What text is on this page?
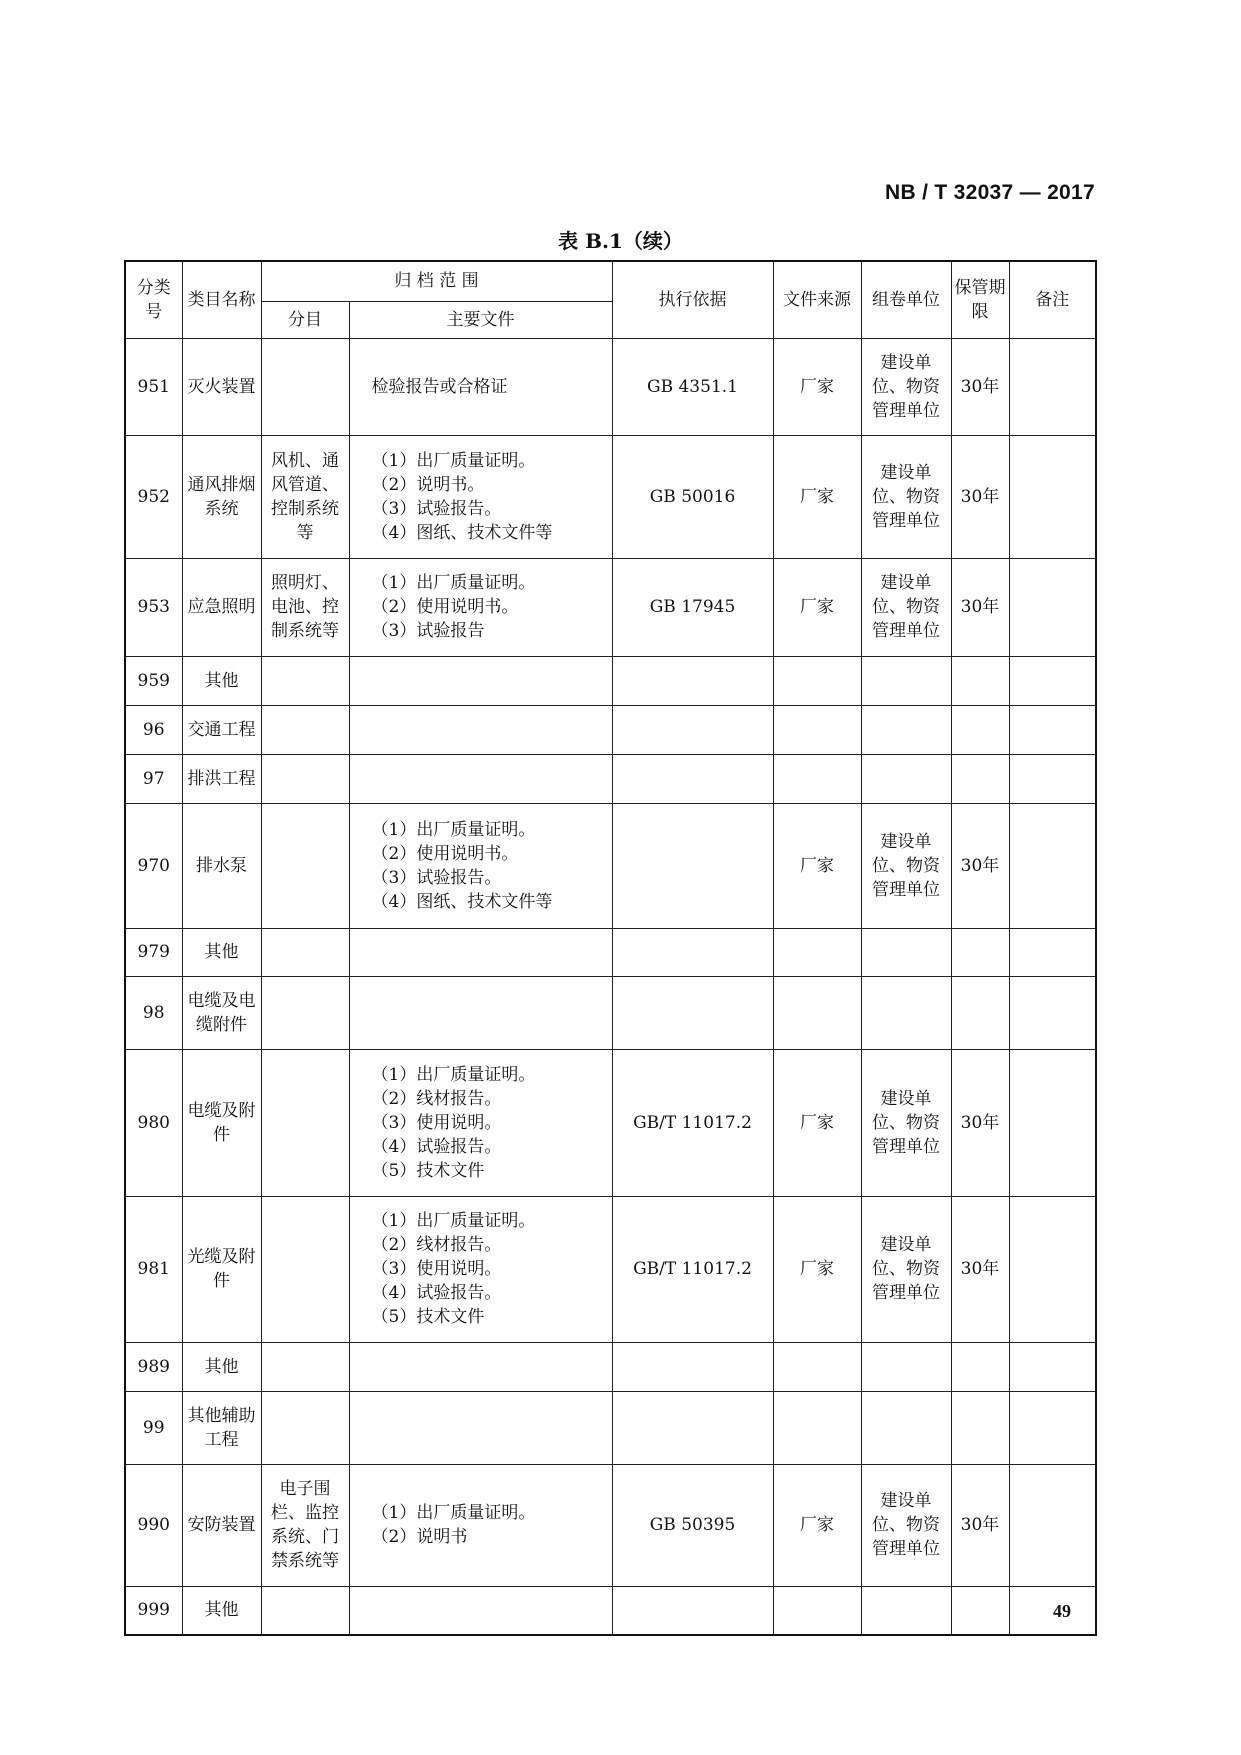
NB / T 32037 — 2017
表 B.1（续）
分类号	类目名称	归 档 范 围		执行依据	文件来源	组卷单位	保管期限	备注
		分目	主要文件					
951	灭火装置		检验报告或合格证	GB 4351.1	厂家	建设单位、物资管理单位	30年	
952	通风排烟系统	风机、通风管道、控制系统等	（1）出厂质量证明。
（2）说明书。
（3）试验报告。
（4）图纸、技术文件等	GB 50016	厂家	建设单位、物资管理单位	30年	
953	应急照明	照明灯、电池、控制系统等	（1）出厂质量证明。
（2）使用说明书。
（3）试验报告	GB 17945	厂家	建设单位、物资管理单位	30年	
959	其他							
96	交通工程							
97	排洪工程							
970	排水泵		（1）出厂质量证明。
（2）使用说明书。
（3）试验报告。
（4）图纸、技术文件等		厂家	建设单位、物资管理单位	30年	
979	其他							
98	电缆及电缆附件							
980	电缆及附件		（1）出厂质量证明。
（2）线材报告。
（3）使用说明。
（4）试验报告。
（5）技术文件	GB/T 11017.2	厂家	建设单位、物资管理单位	30年	
981	光缆及附件		（1）出厂质量证明。
（2）线材报告。
（3）使用说明。
（4）试验报告。
（5）技术文件	GB/T 11017.2	厂家	建设单位、物资管理单位	30年	
989	其他							
99	其他辅助工程							
990	安防装置	电子围栏、监控系统、门禁系统等	（1）出厂质量证明。
（2）说明书	GB 50395	厂家	建设单位、物资管理单位	30年	
999	其他								49
